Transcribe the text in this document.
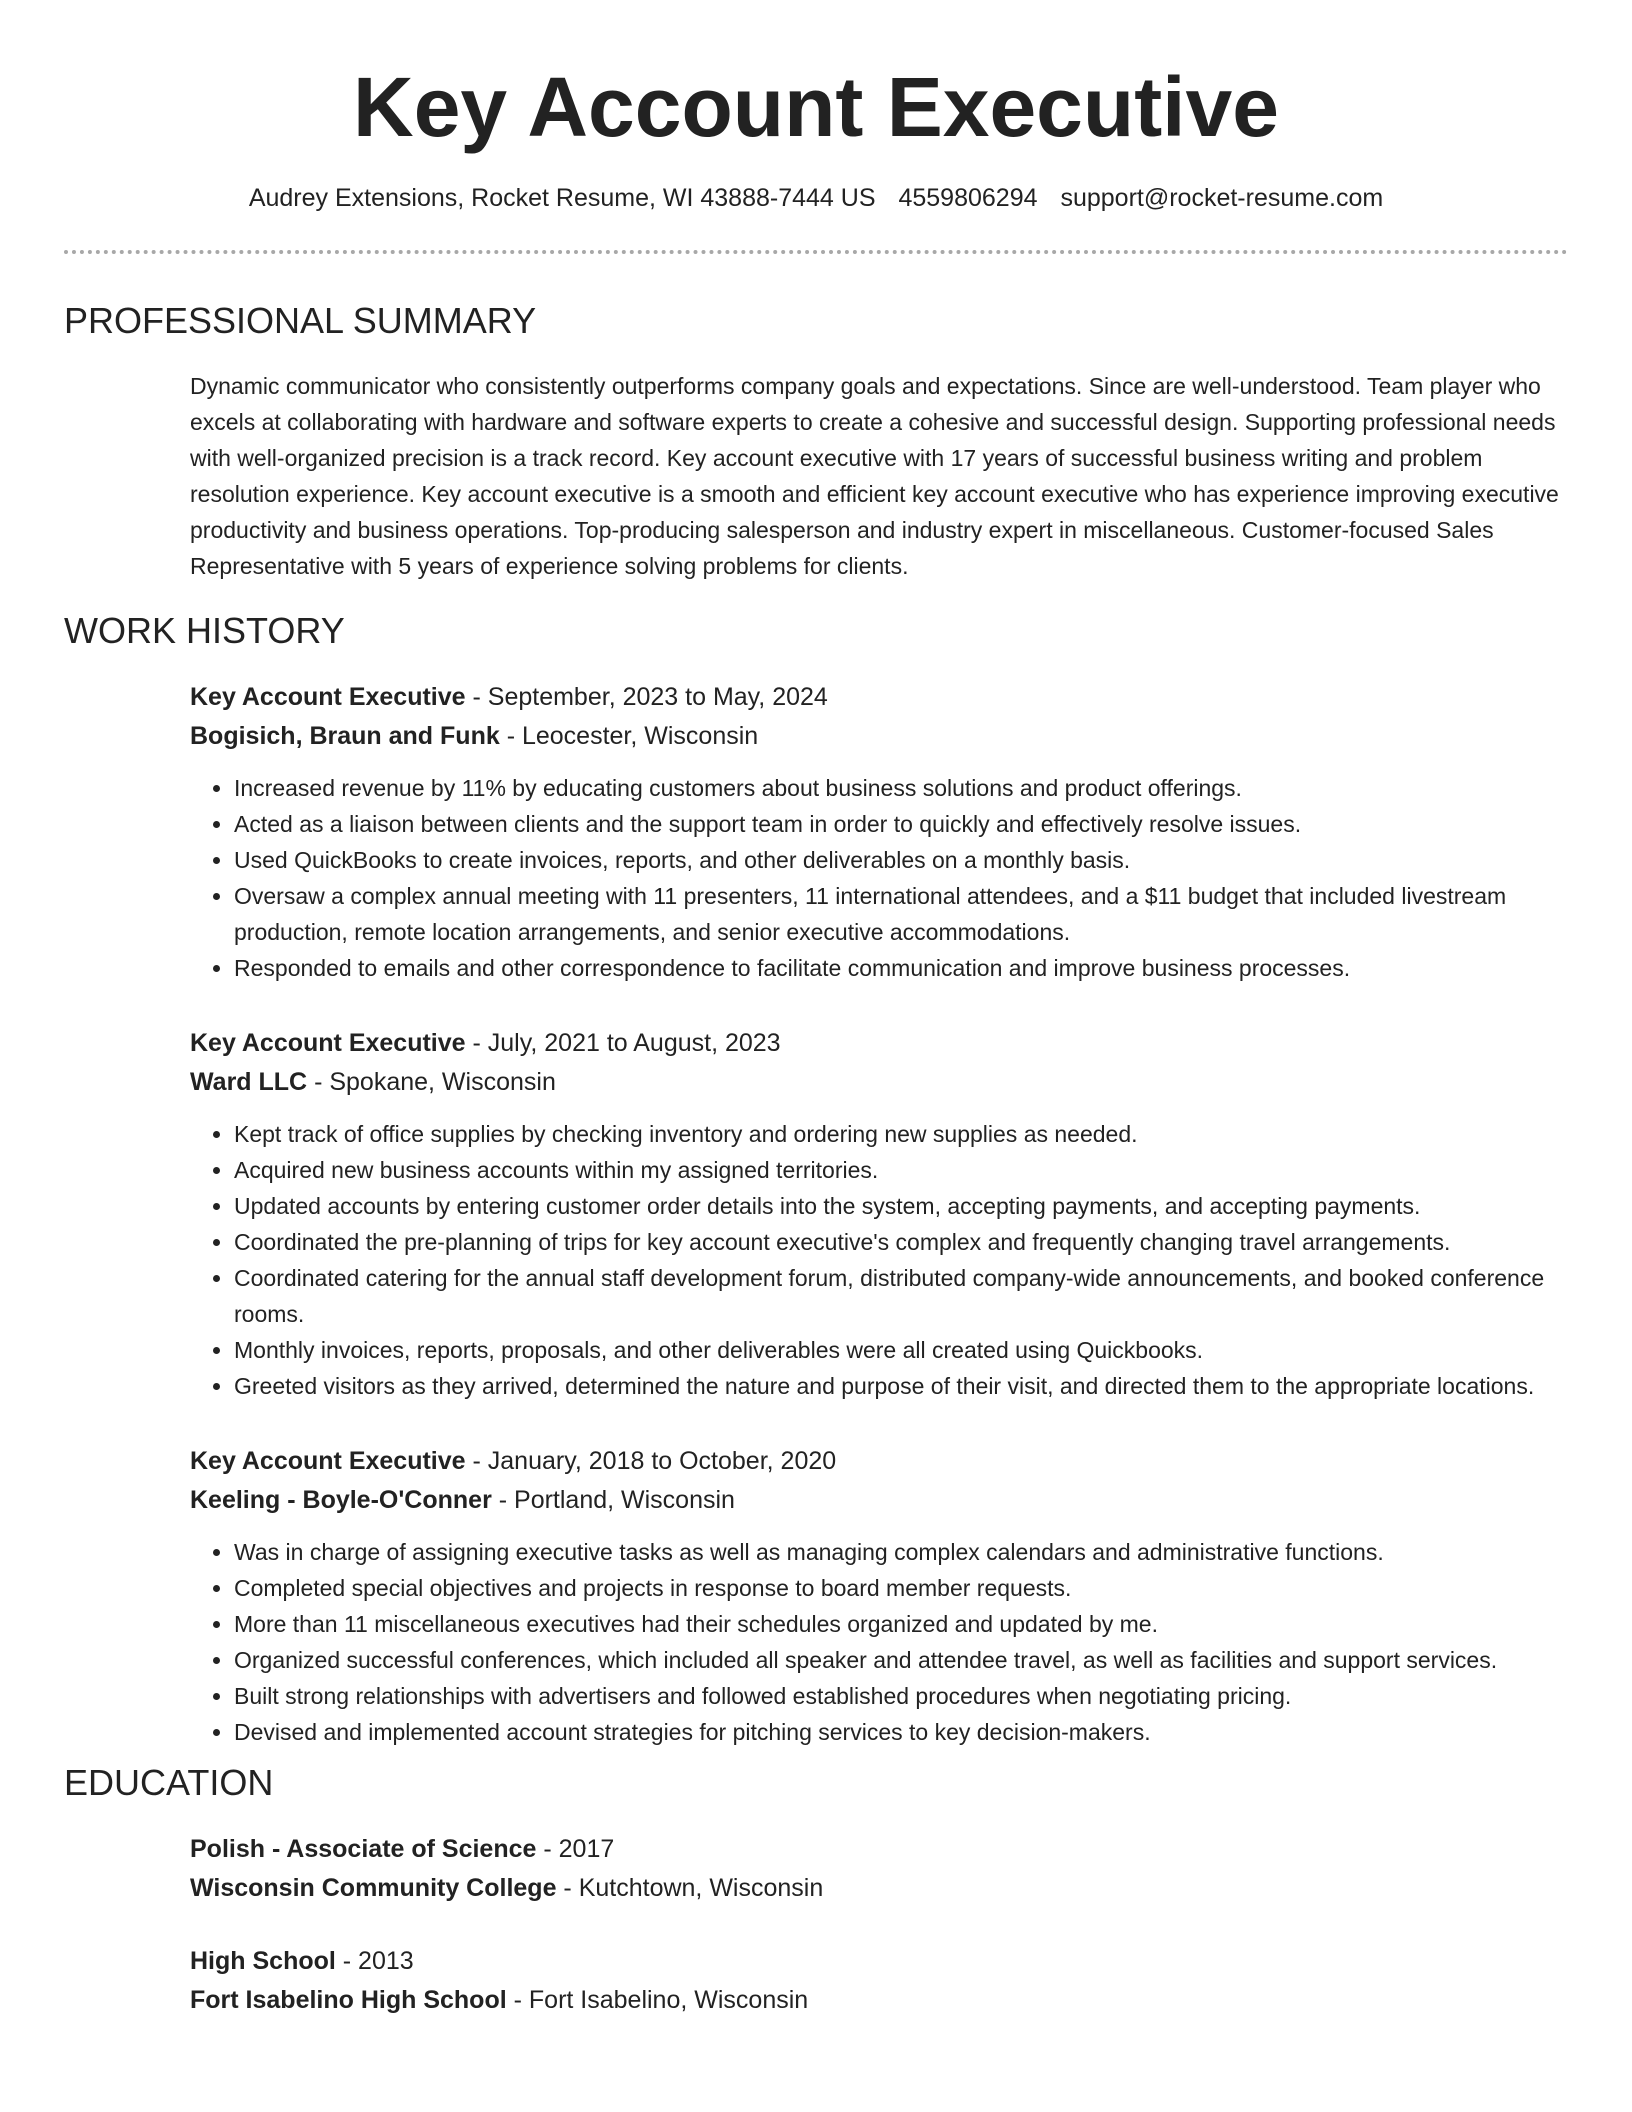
Key Account Executive
Audrey Extensions, Rocket Resume, WI 43888-7444 US 4559806294 support@rocket-resume.com
PROFESSIONAL SUMMARY
Dynamic communicator who consistently outperforms company goals and expectations. Since are well-understood. Team player who excels at collaborating with hardware and software experts to create a cohesive and successful design. Supporting professional needs with well-organized precision is a track record. Key account executive with 17 years of successful business writing and problem resolution experience. Key account executive is a smooth and efficient key account executive who has experience improving executive productivity and business operations. Top-producing salesperson and industry expert in miscellaneous. Customer-focused Sales Representative with 5 years of experience solving problems for clients.
WORK HISTORY
Key Account Executive - September, 2023 to May, 2024
Bogisich, Braun and Funk - Leocester, Wisconsin
• Increased revenue by 11% by educating customers about business solutions and product offerings.
• Acted as a liaison between clients and the support team in order to quickly and effectively resolve issues.
• Used QuickBooks to create invoices, reports, and other deliverables on a monthly basis.
• Oversaw a complex annual meeting with 11 presenters, 11 international attendees, and a $11 budget that included livestream production, remote location arrangements, and senior executive accommodations.
• Responded to emails and other correspondence to facilitate communication and improve business processes.
Key Account Executive - July, 2021 to August, 2023
Ward LLC - Spokane, Wisconsin
• Kept track of office supplies by checking inventory and ordering new supplies as needed.
• Acquired new business accounts within my assigned territories.
• Updated accounts by entering customer order details into the system, accepting payments, and accepting payments.
• Coordinated the pre-planning of trips for key account executive's complex and frequently changing travel arrangements.
• Coordinated catering for the annual staff development forum, distributed company-wide announcements, and booked conference rooms.
• Monthly invoices, reports, proposals, and other deliverables were all created using Quickbooks.
• Greeted visitors as they arrived, determined the nature and purpose of their visit, and directed them to the appropriate locations.
Key Account Executive - January, 2018 to October, 2020
Keeling - Boyle-O'Conner - Portland, Wisconsin
• Was in charge of assigning executive tasks as well as managing complex calendars and administrative functions.
• Completed special objectives and projects in response to board member requests.
• More than 11 miscellaneous executives had their schedules organized and updated by me.
• Organized successful conferences, which included all speaker and attendee travel, as well as facilities and support services.
• Built strong relationships with advertisers and followed established procedures when negotiating pricing.
• Devised and implemented account strategies for pitching services to key decision-makers.
EDUCATION
Polish - Associate of Science - 2017
Wisconsin Community College - Kutchtown, Wisconsin
High School - 2013
Fort Isabelino High School - Fort Isabelino, Wisconsin
